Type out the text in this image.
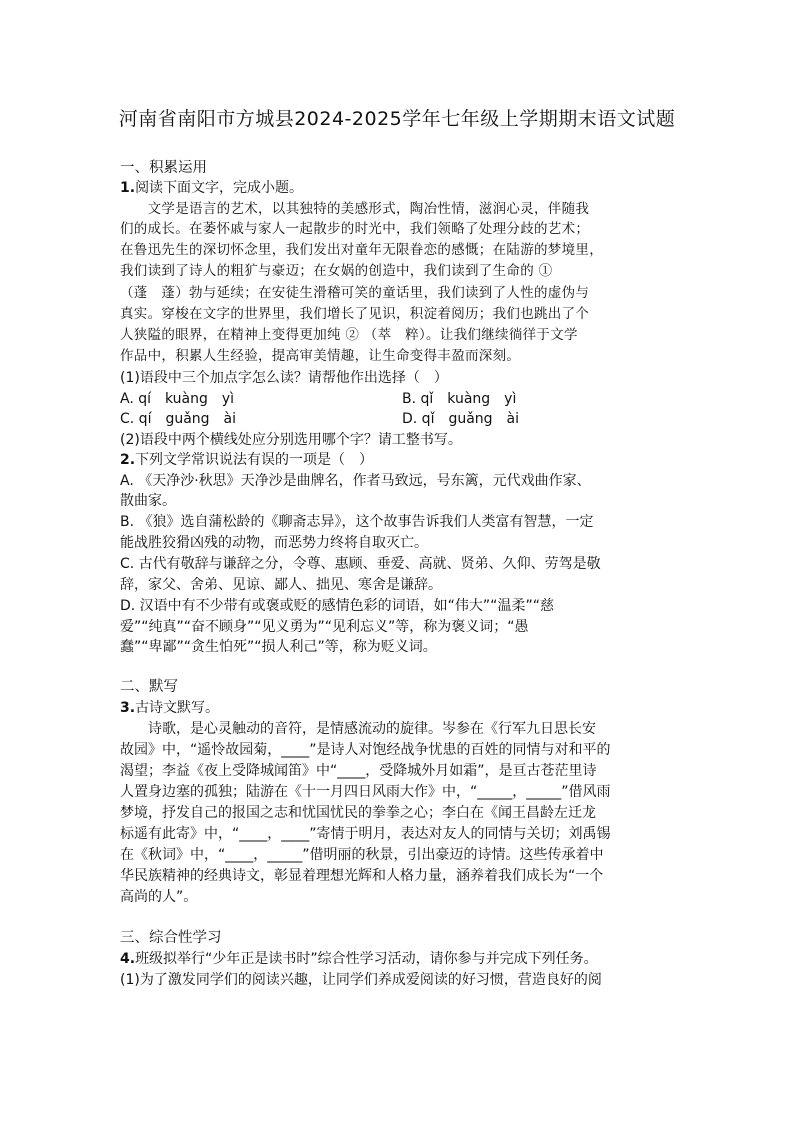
河南省南阳市方城县2024-2025学年七年级上学期期末语文试题
一、积累运用
1.阅读下面文字，完成小题。
　　文学是语言的艺术，以其独特的美感形式，陶冶性情，滋润心灵，伴随我
们的成长。在萎怀戚与家人一起散步的时光中，我们领略了处理分歧的艺术；
在鲁迅先生的深切怀念里，我们发出对童年无限眷恋的感慨；在陆游的梦境里，
我们读到了诗人的粗犷与豪迈；在女娲的创造中，我们读到了生命的 ①
（蓬　蓬）勃与延续；在安徒生滑稽可笑的童话里，我们读到了人性的虚伪与
真实。穿梭在文字的世界里，我们增长了见识，积淀着阅历；我们也跳出了个
人狭隘的眼界，在精神上变得更加纯 ② （萃　粹）。让我们继续徜徉于文学
作品中，积累人生经验，提高审美情趣，让生命变得丰盈而深刻。
(1)语段中三个加点字怎么读？请帮他作出选择（　）
A. qí　kuàng　yì	B. qǐ　kuàng　yì
C. qí　guǎng　ài	D. qǐ　guǎng　ài
(2)语段中两个横线处应分别选用哪个字？请工整书写。
2.下列文学常识说法有误的一项是（　）
A. 《天净沙·秋思》天净沙是曲牌名，作者马致远，号东篱，元代戏曲作家、
散曲家。
B. 《狼》选自蒲松龄的《聊斋志异》，这个故事告诉我们人类富有智慧，一定
能战胜狡猾凶残的动物，而恶势力终将自取灭亡。
C. 古代有敬辞与谦辞之分，令尊、惠顾、垂爱、高就、贤弟、久仰、劳驾是敬
辞，家父、舍弟、见谅、鄙人、拙见、寒舍是谦辞。
D. 汉语中有不少带有或褒或贬的感情色彩的词语，如“伟大”“温柔”“慈
爱”“纯真”“奋不顾身”“见义勇为”“见利忘义”等，称为褒义词；“愚
蠢”“卑鄙”“贪生怕死”“损人利己”等，称为贬义词。
二、默写
3.古诗文默写。
　　诗歌，是心灵触动的音符，是情感流动的旋律。岑参在《行军九日思长安
故园》中，“遥怜故园菊，____”是诗人对饱经战争忧患的百姓的同情与对和平的
渴望；李益《夜上受降城闻笛》中“____，受降城外月如霜”，是亘古苍茫里诗
人置身边塞的孤独；陆游在《十一月四日风雨大作》中，“_____，_____”借风雨
梦境，抒发自己的报国之志和忧国忧民的拳拳之心；李白在《闻王昌龄左迁龙
标遥有此寄》中，“____，____”寄情于明月，表达对友人的同情与关切；刘禹锡
在《秋词》中，“____，_____”借明丽的秋景，引出豪迈的诗情。这些传承着中
华民族精神的经典诗文，彰显着理想光辉和人格力量，涵养着我们成长为“一个
高尚的人”。
三、综合性学习
4.班级拟举行“少年正是读书时”综合性学习活动，请你参与并完成下列任务。
(1)为了激发同学们的阅读兴趣，让同学们养成爱阅读的好习惯，营造良好的阅
